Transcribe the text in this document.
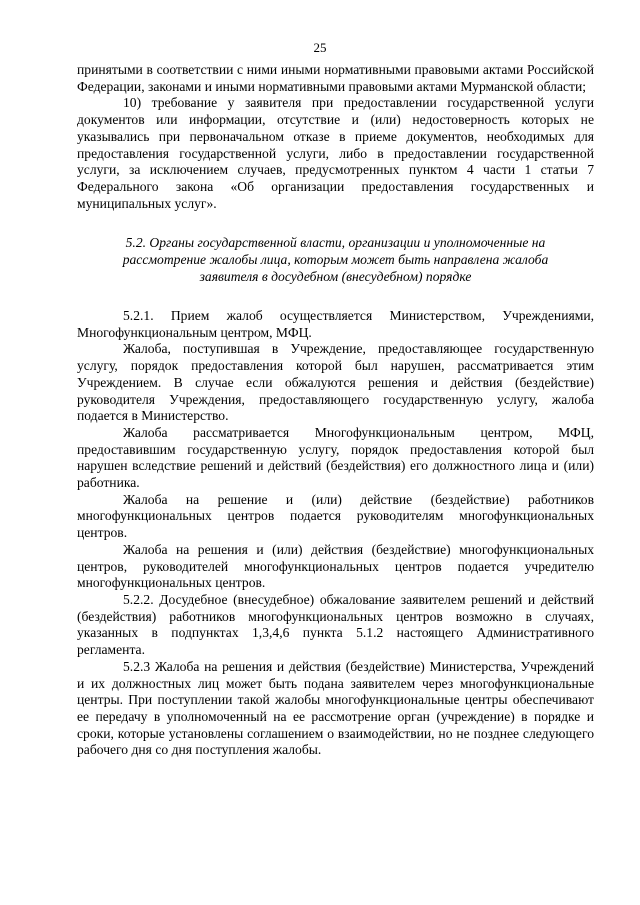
25

принятыми в соответствии с ними иными нормативными правовыми актами Российской Федерации, законами и иными нормативными правовыми актами Мурманской области;

10) требование у заявителя при предоставлении государственной услуги документов или информации, отсутствие и (или) недостоверность которых не указывались при первоначальном отказе в приеме документов, необходимых для предоставления государственной услуги, либо в предоставлении государственной услуги, за исключением случаев, предусмотренных пунктом 4 части 1 статьи 7 Федерального закона «Об организации предоставления государственных и муниципальных услуг».

5.2. Органы государственной власти, организации и уполномоченные на
рассмотрение жалобы лица, которым может быть направлена жалоба
заявителя в досудебном (внесудебном) порядке

5.2.1. Прием жалоб осуществляется Министерством, Учреждениями, Многофункциональным центром, МФЦ.

Жалоба, поступившая в Учреждение, предоставляющее государственную услугу, порядок предоставления которой был нарушен, рассматривается этим Учреждением. В случае если обжалуются решения и действия (бездействие) руководителя Учреждения, предоставляющего государственную услугу, жалоба подается в Министерство.

Жалоба рассматривается Многофункциональным центром, МФЦ, предоставившим государственную услугу, порядок предоставления которой был нарушен вследствие решений и действий (бездействия) его должностного лица и (или) работника.

Жалоба на решение и (или) действие (бездействие) работников многофункциональных центров подается руководителям многофункциональных центров.

Жалоба на решения и (или) действия (бездействие) многофункциональных центров, руководителей многофункциональных центров подается учредителю многофункциональных центров.

5.2.2. Досудебное (внесудебное) обжалование заявителем решений и действий (бездействия) работников многофункциональных центров возможно в случаях, указанных в подпунктах 1,3,4,6 пункта 5.1.2 настоящего Административного регламента.

5.2.3 Жалоба на решения и действия (бездействие) Министерства, Учреждений и их должностных лиц может быть подана заявителем через многофункциональные центры. При поступлении такой жалобы многофункциональные центры обеспечивают ее передачу в уполномоченный на ее рассмотрение орган (учреждение) в порядке и сроки, которые установлены соглашением о взаимодействии, но не позднее следующего рабочего дня со дня поступления жалобы.
